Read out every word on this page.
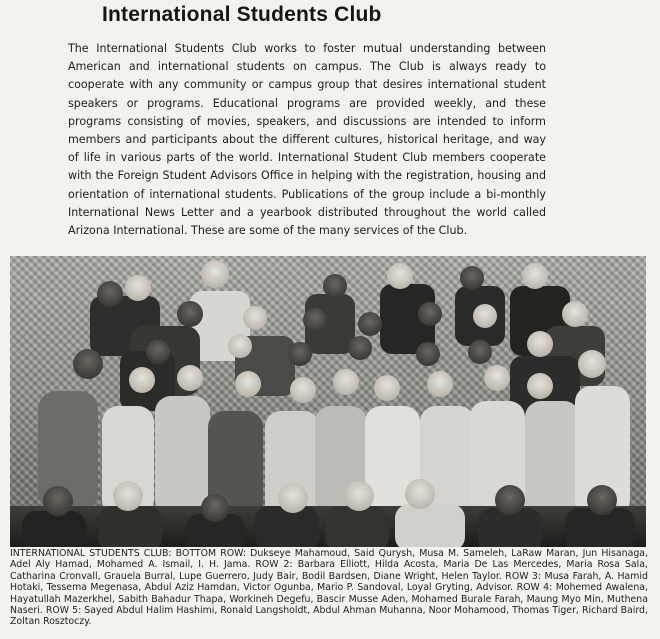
International Students Club

The International Students Club works to foster mutual understanding between American and international students on campus. The Club is always ready to cooperate with any community or campus group that desires international student speakers or programs. Educational programs are provided weekly, and these programs consisting of movies, speakers, and discussions are intended to inform members and participants about the different cultures, historical heritage, and way of life in various parts of the world. International Student Club members cooperate with the Foreign Student Advisors Office in helping with the registration, housing and orientation of international students. Publications of the group include a bi-monthly International News Letter and a yearbook distributed throughout the world called Arizona International. These are some of the many services of the Club.

INTERNATIONAL STUDENTS CLUB: BOTTOM ROW: Dukseye Mahamoud, Said Qurysh, Musa M. Sameleh, LaRaw Maran, Jun Hisanaga, Adel Aly Hamad, Mohamed A. Ismail, I. H. Jama. ROW 2: Barbara Elliott, Hilda Acosta, Maria De Las Mercedes, Maria Rosa Sala, Catharina Cronvall, Grauela Burral, Lupe Guerrero, Judy Bair, Bodil Bardsen, Diane Wright, Helen Taylor. ROW 3: Musa Farah, A. Hamid Hotaki, Tessema Megenasa, Abdul Aziz Hamdan, Victor Ogunba, Mario P. Sandoval, Loyal Gryting, Advisor. ROW 4: Mohemed Awalena, Hayatullah Mazerkhel, Sabith Bahadur Thapa, Workineh Degefu, Bascir Musse Aden, Mohamed Burale Farah, Maung Myo Min, Muthena Naseri. ROW 5: Sayed Abdul Halim Hashimi, Ronald Langsholdt, Abdul Ahman Muhanna, Noor Mohamood, Thomas Tiger, Richard Baird, Zoltan Rosztoczy.
